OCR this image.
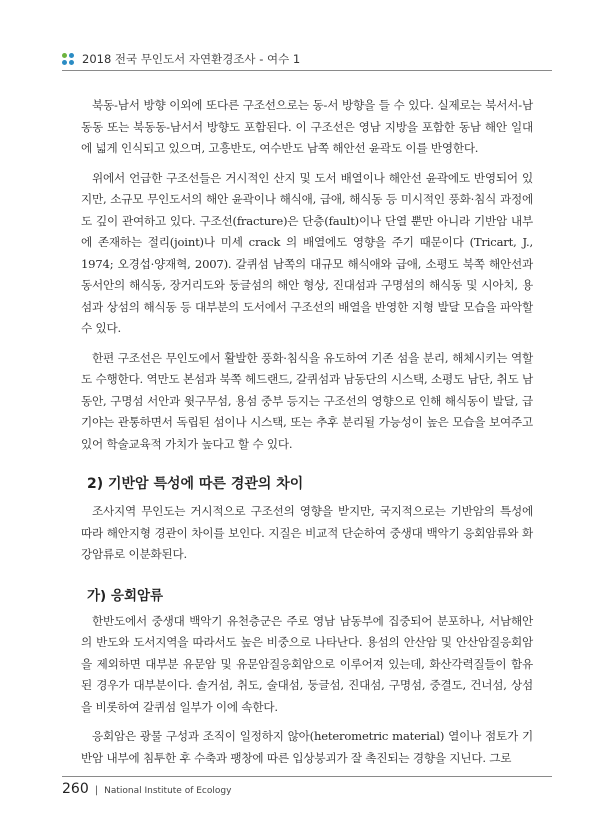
2018 전국 무인도서 자연환경조사 - 여수 1

북동-남서 방향 이외에 또다른 구조선으로는 동-서 방향을 들 수 있다. 실제로는 북서서-남동동 또는 북동동-남서서 방향도 포함된다. 이 구조선은 영남 지방을 포함한 동남 해안 일대에 넓게 인식되고 있으며, 고흥반도, 여수반도 남쪽 해안선 윤곽도 이를 반영한다.

위에서 언급한 구조선들은 거시적인 산지 및 도서 배열이나 해안선 윤곽에도 반영되어 있지만, 소규모 무인도서의 해안 윤곽이나 해식애, 급애, 해식동 등 미시적인 풍화·침식 과정에도 깊이 관여하고 있다. 구조선(fracture)은 단층(fault)이나 단열 뿐만 아니라 기반암 내부에 존재하는 절리(joint)나 미세 crack 의 배열에도 영향을 주기 때문이다 (Tricart, J., 1974; 오경섭·양재혁, 2007). 갈퀴섬 남쪽의 대규모 해식애와 급애, 소평도 북쪽 해안선과 동서안의 해식동, 장거리도와 둥글섬의 해안 형상, 진대섬과 구명섬의 해식동 및 시아치, 용섬과 상섬의 해식동 등 대부분의 도서에서 구조선의 배열을 반영한 지형 발달 모습을 파악할 수 있다.

한편 구조선은 무인도에서 활발한 풍화·침식을 유도하여 기존 섬을 분리, 해체시키는 역할도 수행한다. 역만도 본섬과 북쪽 헤드랜드, 갈퀴섬과 남동단의 시스택, 소평도 남단, 취도 남동안, 구명섬 서안과 윗구무섬, 용섬 중부 등지는 구조선의 영향으로 인해 해식동이 발달, 급기야는 관통하면서 독립된 섬이나 시스택, 또는 추후 분리될 가능성이 높은 모습을 보여주고 있어 학술교육적 가치가 높다고 할 수 있다.

2) 기반암 특성에 따른 경관의 차이

조사지역 무인도는 거시적으로 구조선의 영향을 받지만, 국지적으로는 기반암의 특성에 따라 해안지형 경관이 차이를 보인다. 지질은 비교적 단순하여 중생대 백악기 응회암류와 화강암류로 이분화된다.

가) 응회암류

한반도에서 중생대 백악기 유천층군은 주로 영남 남동부에 집중되어 분포하나, 서남해안의 반도와 도서지역을 따라서도 높은 비중으로 나타난다. 용섬의 안산암 및 안산암질응회암을 제외하면 대부분 유문암 및 유문암질응회암으로 이루어져 있는데, 화산각력질들이 함유된 경우가 대부분이다. 솔거섬, 취도, 술대섬, 둥글섬, 진대섬, 구명섬, 중결도, 건너섬, 상섬을 비롯하여 갈퀴섬 일부가 이에 속한다.

응회암은 광물 구성과 조직이 일정하지 않아(heterometric material) 열이나 점토가 기반암 내부에 침투한 후 수축과 팽창에 따른 입상붕괴가 잘 촉진되는 경향을 지닌다. 그로

260 | National Institute of Ecology
